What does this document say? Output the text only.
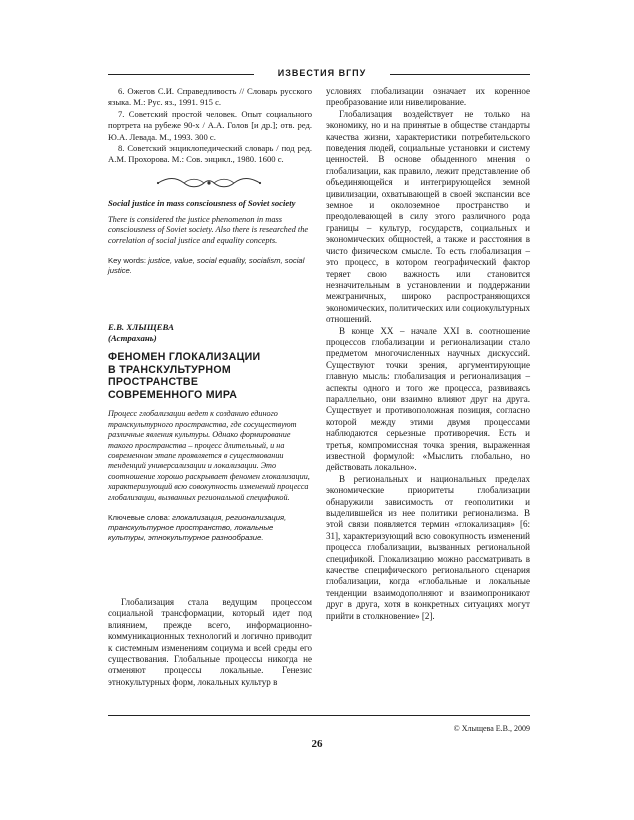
ИЗВЕСТИЯ ВГПУ

6. Ожегов С.И. Справедливость // Словарь русского языка. М.: Рус. яз., 1991. 915 с.

7. Советский простой человек. Опыт социального портрета на рубеже 90-х / А.А. Голов [и др.]; отв. ред. Ю.А. Левада. М., 1993. 300 с.

8. Советский энциклопедический словарь / под ред. А.М. Прохорова. М.: Сов. энцикл., 1980. 1600 с.

Social justice in mass consciousness of Soviet society

There is considered the justice phenomenon in mass consciousness of Soviet society. Also there is researched the correlation of social justice and equality concepts.

Key words: justice, value, social equality, socialism, social justice.

Е.В. ХЛЫЩЕВА

(Астрахань)

ФЕНОМЕН ГЛОКАЛИЗАЦИИ
В ТРАНСКУЛЬТУРНОМ
ПРОСТРАНСТВЕ
СОВРЕМЕННОГО МИРА

Процесс глобализации ведет к созданию единого транскультурного пространства, где сосуществуют различные явления культуры. Однако формирование такого пространства – процесс длительный, и на современном этапе проявляется в существовании тенденций универсализации и локализации. Это соотношение хорошо раскрывает феномен глокализации, характеризующий всю совокупность изменений процесса глобализации, вызванных региональной спецификой.

Ключевые слова: глокализация, регионализация, транскультурное пространство, локальные культуры, этнокультурное разнообразие.

Глобализация стала ведущим процессом социальной трансформации, который идет под влиянием, прежде всего, информационно-коммуникационных технологий и логично приводит к системным изменениям социума и всей среды его существования. Глобальные процессы никогда не отменяют процессы локальные. Генезис этнокультурных форм, локальных культур в

условиях глобализации означает их коренное преобразование или нивелирование.

Глобализация воздействует не только на экономику, но и на принятые в обществе стандарты качества жизни, характеристики потребительского поведения людей, социальные установки и систему ценностей. В основе обыденного мнения о глобализации, как правило, лежит представление об объединяющейся и интегрирующейся земной цивилизации, охватывающей в своей экспансии все земное и околоземное пространство и преодолевающей в силу этого различного рода границы – культур, государств, социальных и экономических общностей, а также и расстояния в чисто физическом смысле. То есть глобализация – это процесс, в котором географический фактор теряет свою важность или становится незначительным в установлении и поддержании межграничных, широко распространяющихся экономических, политических или социокультурных отношений.

В конце XX – начале XXI в. соотношение процессов глобализации и регионализации стало предметом многочисленных научных дискуссий. Существуют точки зрения, аргументирующие главную мысль: глобализация и регионализация – аспекты одного и того же процесса, развиваясь параллельно, они взаимно влияют друг на друга. Существует и противоположная позиция, согласно которой между этими двумя процессами наблюдаются серьезные противоречия. Есть и третья, компромиссная точка зрения, выраженная известной формулой: «Мыслить глобально, но действовать локально».

В региональных и национальных пределах экономические приоритеты глобализации обнаружили зависимость от геополитики и выделившейся из нее политики регионализма. В этой связи появляется термин «глокализация» [6: 31], характеризующий всю совокупность изменений процесса глобализации, вызванных региональной спецификой. Глокализацию можно рассматривать в качестве специфического регионального сценария глобализации, когда «глобальные и локальные тенденции взаимодополняют и взаимопроникают друг в друга, хотя в конкретных ситуациях могут прийти в столкновение» [2].

© Хлыщева Е.В., 2009
26
